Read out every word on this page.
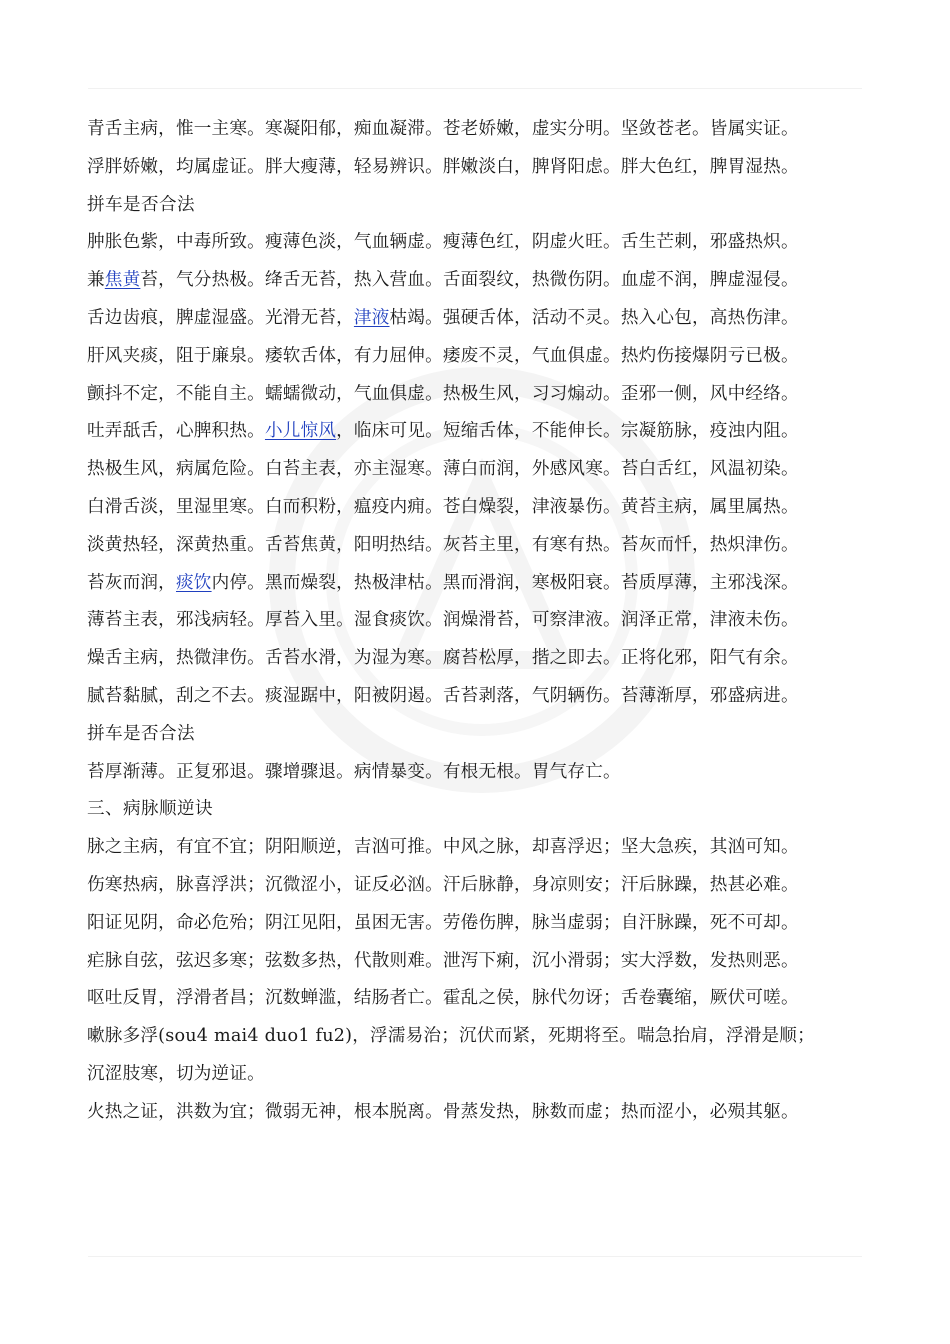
青舌主病，惟一主寒。寒凝阳郁，痴血凝滞。苍老娇嫩，虚实分明。坚敛苍老。皆属实证。
浮胖娇嫩，均属虚证。胖大瘦薄，轻易辨识。胖嫩淡白，脾肾阳虑。胖大色红，脾胃湿热。
拼车是否合法
肿胀色紫，中毒所致。瘦薄色淡，气血辆虚。瘦薄色红，阴虚火旺。舌生芒刺，邪盛热炽。
兼焦黄苔，气分热极。绛舌无苔，热入营血。舌面裂纹，热微伤阴。血虚不润，脾虚湿侵。
舌边齿痕，脾虚湿盛。光滑无苔，津液枯竭。强硬舌体，活动不灵。热入心包，高热伤津。
肝风夹痰，阻于廉泉。痿软舌体，有力屈伸。痿废不灵，气血俱虚。热灼伤接爆阴亏已极。
颤抖不定，不能自主。蠕蠕微动，气血俱虚。热极生风，习习煽动。歪邪一侧，风中经络。
吐弄舐舌，心脾积热。小儿惊风，临床可见。短缩舌体，不能伸长。宗凝筋脉，疫浊内阻。
热极生风，病属危险。白苔主表，亦主湿寒。薄白而润，外感风寒。苔白舌红，风温初染。
白滑舌淡，里湿里寒。白而积粉，瘟疫内痈。苍白燥裂，津液暴伤。黄苔主病，属里属热。
淡黄热轻，深黄热重。舌苔焦黄，阳明热结。灰苔主里，有寒有热。苔灰而忏，热炽津伤。
苔灰而润，痰饮内停。黑而燥裂，热极津枯。黑而滑润，寒极阳衰。苔质厚薄，主邪浅深。
薄苔主表，邪浅病轻。厚苔入里。湿食痰饮。润燥滑苔，可察津液。润泽正常，津液未伤。
燥舌主病，热微津伤。舌苔水滑，为湿为寒。腐苔松厚，揩之即去。正将化邪，阳气有余。
腻苔黏腻，刮之不去。痰湿踞中，阳被阴遏。舌苔剥落，气阴辆伤。苔薄渐厚，邪盛病进。
拼车是否合法
苔厚渐薄。正复邪退。骤增骤退。病情暴变。有根无根。胃气存亡。
三、病脉顺逆诀
脉之主病，有宜不宜；阴阳顺逆，吉汹可推。中风之脉，却喜浮迟；坚大急疾，其汹可知。
伤寒热病，脉喜浮洪；沉微涩小，证反必汹。汗后脉静，身凉则安；汗后脉躁，热甚必难。
阳证见阴，命必危殆；阴江见阳，虽困无害。劳倦伤脾，脉当虚弱；自汗脉躁，死不可却。
疟脉自弦，弦迟多寒；弦数多热，代散则难。泄泻下痢，沉小滑弱；实大浮数，发热则恶。
呕吐反胃，浮滑者昌；沉数蝉滥，结肠者亡。霍乱之侯，脉代勿讶；舌卷囊缩，厥伏可嗟。
嗽脉多浮(sou4 mai4 duo1 fu2)，浮濡易治；沉伏而紧，死期将至。喘急抬肩，浮滑是顺；
沉涩肢寒，切为逆证。
火热之证，洪数为宜；微弱无神，根本脱离。骨蒸发热，脉数而虚；热而涩小，必殒其躯。
